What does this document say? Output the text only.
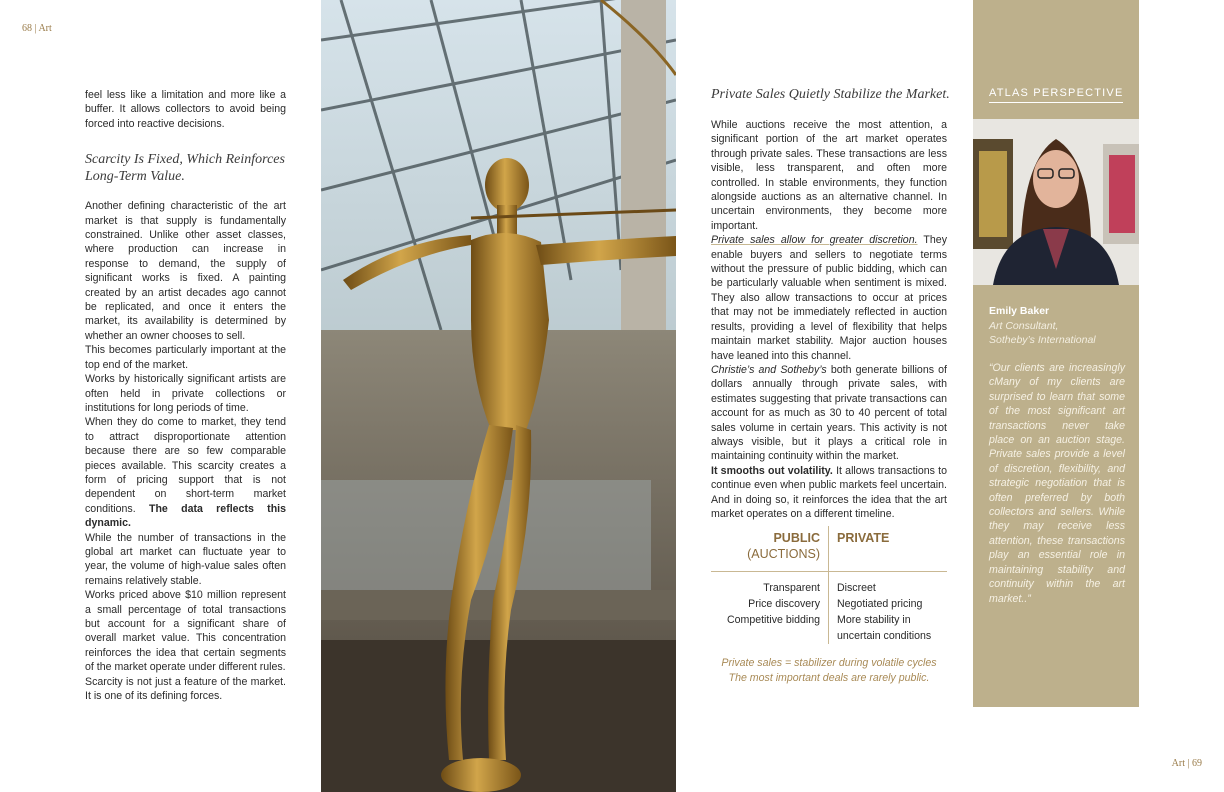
68 | Art
Art | 69

feel less like a limitation and more like a buffer. It allows collectors to avoid being forced into reactive decisions.

Scarcity Is Fixed, Which Reinforces
Long-Term Value.

Another defining characteristic of the art market is that supply is fundamentally constrained. Unlike other asset classes, where production can increase in response to demand, the supply of significant works is fixed. A painting created by an artist decades ago cannot be replicated, and once it enters the market, its availability is determined by whether an owner chooses to sell.

This becomes particularly important at the top end of the market.

Works by historically significant artists are often held in private collections or institutions for long periods of time.

When they do come to market, they tend to attract disproportionate attention because there are so few comparable pieces available. This scarcity creates a form of pricing support that is not dependent on short-term market conditions. The data reflects this dynamic.

While the number of transactions in the global art market can fluctuate year to year, the volume of high-value sales often remains relatively stable.

Works priced above $10 million represent a small percentage of total transactions but account for a significant share of overall market value. This concentration reinforces the idea that certain segments of the market operate under different rules.

Scarcity is not just a feature of the market. It is one of its defining forces.

Private Sales Quietly Stabilize the Market.

While auctions receive the most attention, a significant portion of the art market operates through private sales. These transactions are less visible, less transparent, and often more controlled. In stable environments, they function alongside auctions as an alternative channel. In uncertain environments, they become more important.

Private sales allow for greater discretion. They enable buyers and sellers to negotiate terms without the pressure of public bidding, which can be particularly valuable when sentiment is mixed. They also allow transactions to occur at prices that may not be immediately reflected in auction results, providing a level of flexibility that helps maintain market stability. Major auction houses have leaned into this channel.

Christie’s and Sotheby’s both generate billions of dollars annually through private sales, with estimates suggesting that private transactions can account for as much as 30 to 40 percent of total sales volume in certain years. This activity is not always visible, but it plays a critical role in maintaining continuity within the market.

It smooths out volatility. It allows transactions to continue even when public markets feel uncertain. And in doing so, it reinforces the idea that the art market operates on a different timeline.

PUBLIC
(AUCTIONS)
PRIVATE
Transparent
Price discovery
Competitive bidding
Discreet
Negotiated pricing
More stability in uncertain conditions
Private sales = stabilizer during volatile cycles
The most important deals are rarely public.
ATLAS PERSPECTIVE
Emily Baker
Art Consultant,
Sotheby’s International
“Our clients are increasingly cMany of my clients are surprised to learn that some of the most significant art transactions never take place on an auction stage. Private sales provide a level of discretion, flexibility, and strategic negotiation that is often preferred by both collectors and sellers. While they may receive less attention, these transactions play an essential role in maintaining stability and continuity within the art market..”
